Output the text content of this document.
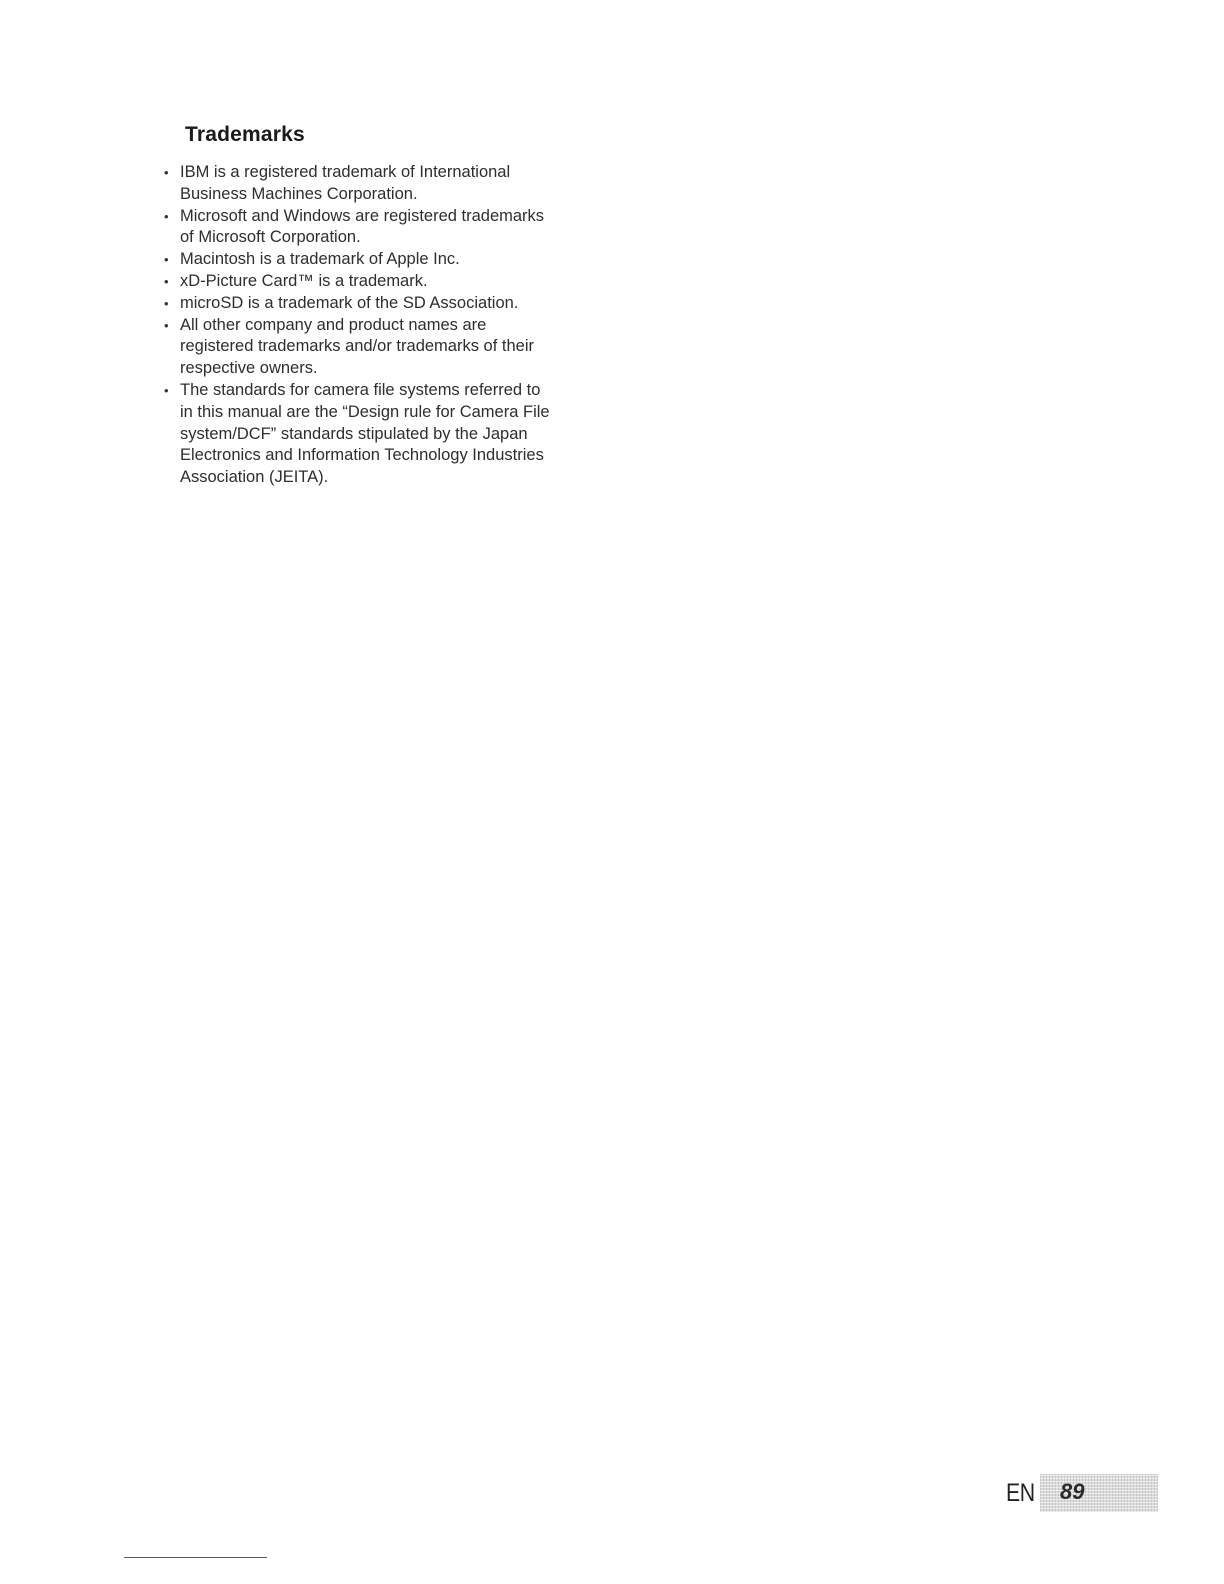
Trademarks
• IBM is a registered trademark of International
Business Machines Corporation.
• Microsoft and Windows are registered trademarks
of Microsoft Corporation.
• Macintosh is a trademark of Apple Inc.
• xD-Picture Card™ is a trademark.
• microSD is a trademark of the SD Association.
• All other company and product names are
registered trademarks and/or trademarks of their
respective owners.
• The standards for camera file systems referred to
in this manual are the “Design rule for Camera File
system/DCF” standards stipulated by the Japan
Electronics and Information Technology Industries
Association (JEITA).
EN 89
